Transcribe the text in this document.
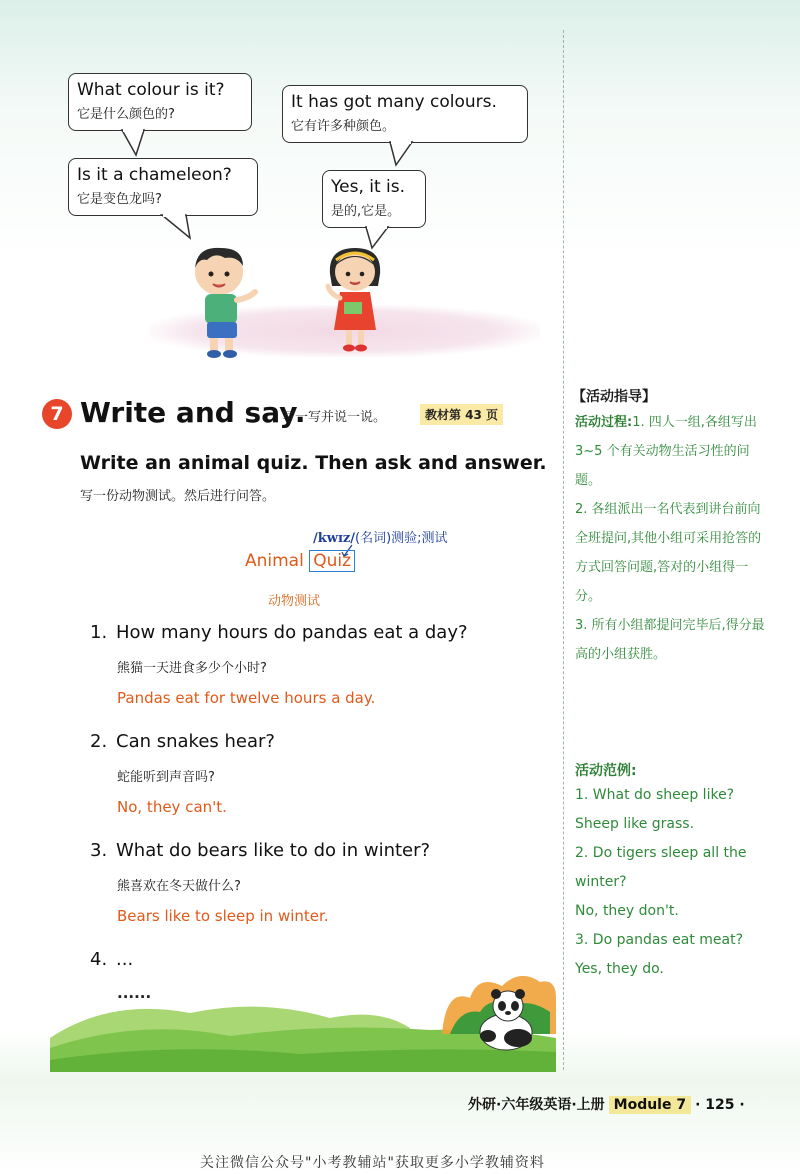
What colour is it?
它是什么颜色的?
It has got many colours.
它有许多种颜色。
Is it a chameleon?
它是变色龙吗?
Yes, it is.
是的,它是。
7 Write and say.
写一写并说一说。	教材第 43 页
Write an animal quiz. Then ask and answer.
写一份动物测试。然后进行问答。
/kwɪz/(名词)测验;测试
Animal Quiz
动物测试
1. How many hours do pandas eat a day?
熊猫一天进食多少个小时?
Pandas eat for twelve hours a day.
2. Can snakes hear?
蛇能听到声音吗?
No, they can't.
3. What do bears like to do in winter?
熊喜欢在冬天做什么?
Bears like to sleep in winter.
4. ...
......
【活动指导】

活动过程:1. 四人一组,各组写出 3~5 个有关动物生活习性的问题。

2. 各组派出一名代表到讲台前向全班提问,其他小组可采用抢答的方式回答问题,答对的小组得一分。

3. 所有小组都提问完毕后,得分最高的小组获胜。

活动范例:

1. What do sheep like?

Sheep like grass.

2. Do tigers sleep all the winter?

No, they don't.

3. Do pandas eat meat?

Yes, they do.

外研·六年级英语·上册 Module 7 · 125 ·
关注微信公众号"小考教辅站"获取更多小学教辅资料
